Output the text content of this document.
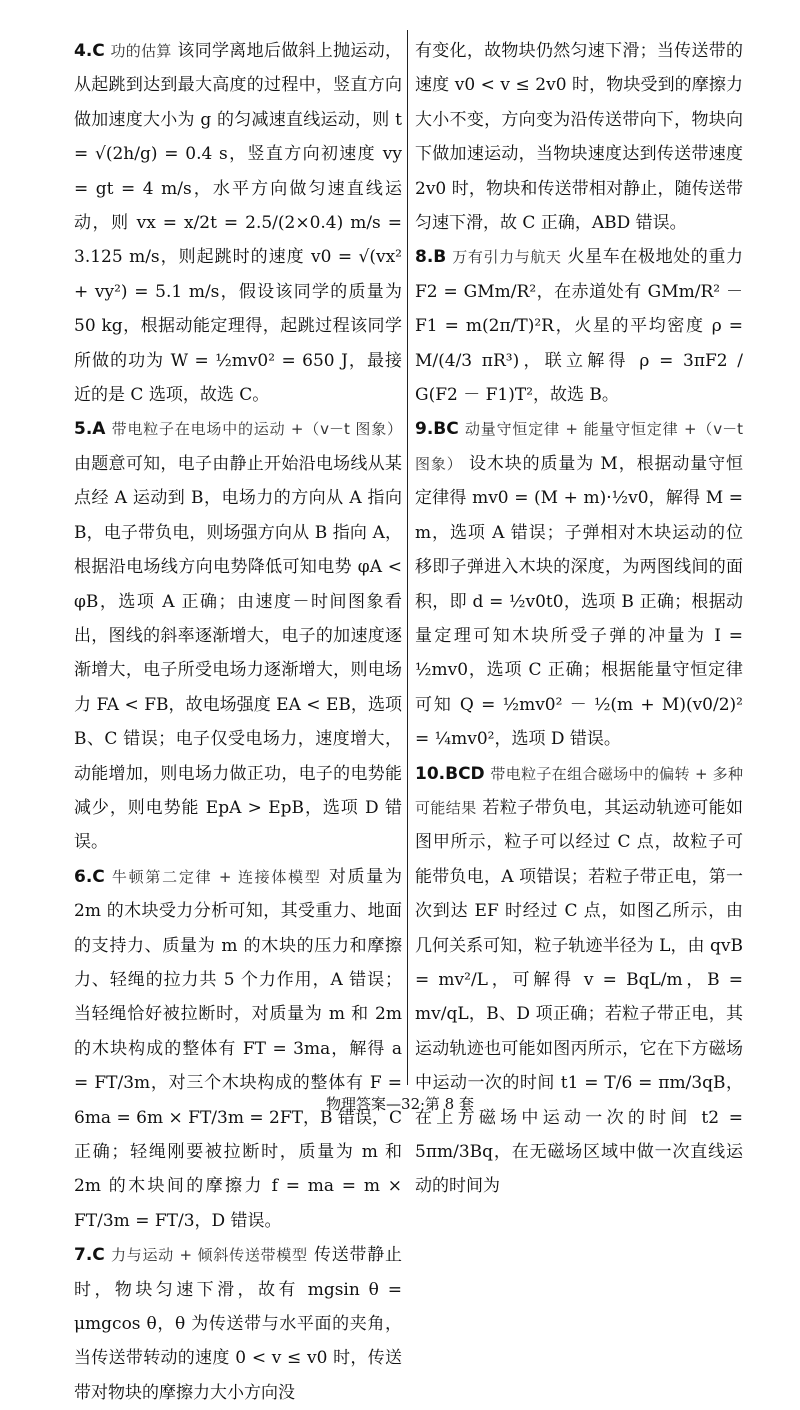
4.C 功的估算 该同学离地后做斜上抛运动，从起跳到达到最大高度的过程中，竖直方向做加速度大小为 g 的匀减速直线运动，则 t = √(2h/g) = 0.4 s，竖直方向初速度 vy = gt = 4 m/s，水平方向做匀速直线运动，则 vx = x/2t = 2.5/(2×0.4) m/s = 3.125 m/s，则起跳时的速度 v0 = √(vx² + vy²) = 5.1 m/s，假设该同学的质量为 50 kg，根据动能定理得，起跳过程该同学所做的功为 W = ½mv0² = 650 J，最接近的是 C 选项，故选 C。

5.A 带电粒子在电场中的运动 +（v－t 图象） 由题意可知，电子由静止开始沿电场线从某点经 A 运动到 B，电场力的方向从 A 指向 B，电子带负电，则场强方向从 B 指向 A，根据沿电场线方向电势降低可知电势 φA < φB，选项 A 正确；由速度－时间图象看出，图线的斜率逐渐增大，电子的加速度逐渐增大，电子所受电场力逐渐增大，则电场力 FA < FB，故电场强度 EA < EB，选项 B、C 错误；电子仅受电场力，速度增大，动能增加，则电场力做正功，电子的电势能减少，则电势能 EpA > EpB，选项 D 错误。

6.C 牛顿第二定律 + 连接体模型 对质量为 2m 的木块受力分析可知，其受重力、地面的支持力、质量为 m 的木块的压力和摩擦力、轻绳的拉力共 5 个力作用，A 错误；当轻绳恰好被拉断时，对质量为 m 和 2m 的木块构成的整体有 FT = 3ma，解得 a = FT/3m，对三个木块构成的整体有 F = 6ma = 6m × FT/3m = 2FT，B 错误，C 正确；轻绳刚要被拉断时，质量为 m 和 2m 的木块间的摩擦力 f = ma = m × FT/3m = FT/3，D 错误。

7.C 力与运动 + 倾斜传送带模型 传送带静止时，物块匀速下滑，故有 mgsin θ = μmgcos θ，θ 为传送带与水平面的夹角，当传送带转动的速度 0 < v ≤ v0 时，传送带对物块的摩擦力大小方向没

有变化，故物块仍然匀速下滑；当传送带的速度 v0 < v ≤ 2v0 时，物块受到的摩擦力大小不变，方向变为沿传送带向下，物块向下做加速运动，当物块速度达到传送带速度 2v0 时，物块和传送带相对静止，随传送带匀速下滑，故 C 正确，ABD 错误。

8.B 万有引力与航天 火星车在极地处的重力 F2 = GMm/R²，在赤道处有 GMm/R² － F1 = m(2π/T)²R，火星的平均密度 ρ = M/(4/3 πR³)，联立解得 ρ = 3πF2 / G(F2 － F1)T²，故选 B。

9.BC 动量守恒定律 + 能量守恒定律 +（v－t 图象） 设木块的质量为 M，根据动量守恒定律得 mv0 = (M + m)·½v0，解得 M = m，选项 A 错误；子弹相对木块运动的位移即子弹进入木块的深度，为两图线间的面积，即 d = ½v0t0，选项 B 正确；根据动量定理可知木块所受子弹的冲量为 I = ½mv0，选项 C 正确；根据能量守恒定律可知 Q = ½mv0² － ½(m + M)(v0/2)² = ¼mv0²，选项 D 错误。

10.BCD 带电粒子在组合磁场中的偏转 + 多种可能结果 若粒子带负电，其运动轨迹可能如图甲所示，粒子可以经过 C 点，故粒子可能带负电，A 项错误；若粒子带正电，第一次到达 EF 时经过 C 点，如图乙所示，由几何关系可知，粒子轨迹半径为 L，由 qvB = mv²/L，可解得 v = BqL/m，B = mv/qL，B、D 项正确；若粒子带正电，其运动轨迹也可能如图丙所示，它在下方磁场中运动一次的时间 t1 = T/6 = πm/3qB，在上方磁场中运动一次的时间 t2 = 5πm/3Bq，在无磁场区域中做一次直线运动的时间为

物理答案—32·第 8 套
